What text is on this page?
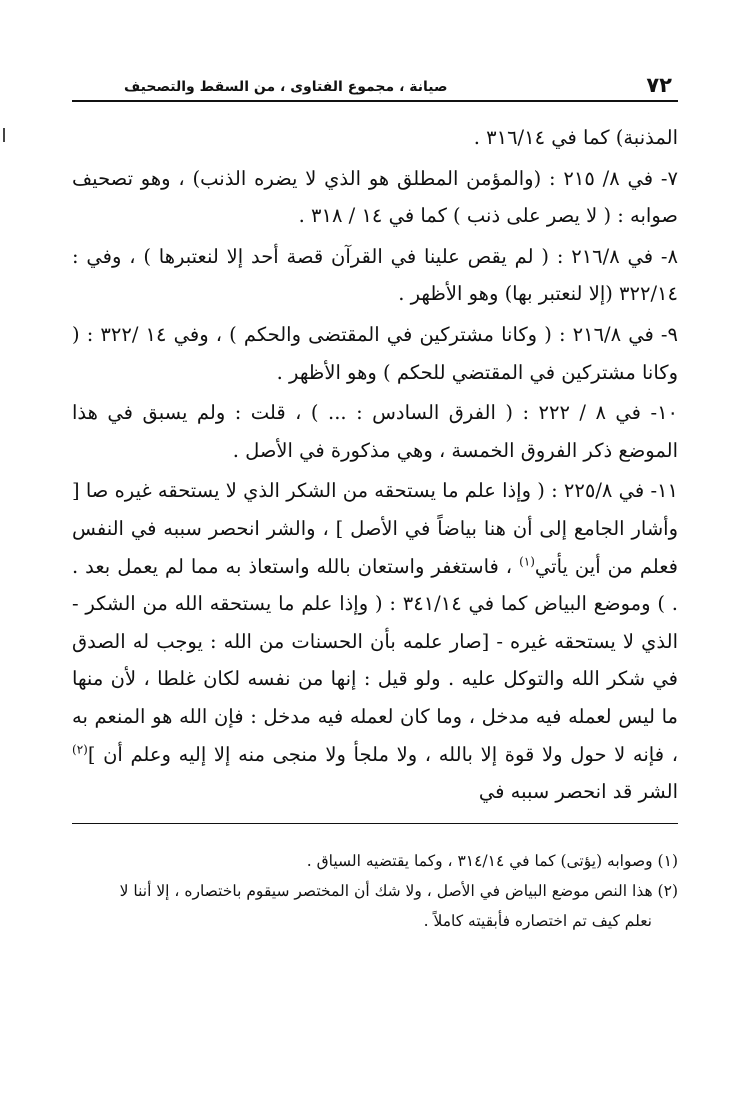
٧٢
صيانة ، مجموع الفتاوى ، من السقط والتصحيف

المذنبة) كما في ٣١٦/١٤ .

٧- في ٨/ ٢١٥ : (والمؤمن المطلق هو الذي لا يضره الذنب) ، وهو تصحيف صوابه : ( لا يصر على ذنب ) كما في ١٤ / ٣١٨ .

٨- في ٢١٦/٨ : ( لم يقص علينا في القرآن قصة أحد إلا لنعتبرها ) ، وفي : ٣٢٢/١٤ (إلا لنعتبر بها) وهو الأظهر .

٩- في ٢١٦/٨ : ( وكانا مشتركين في المقتضى والحكم ) ، وفي ١٤ /٣٢٢ : ( وكانا مشتركين في المقتضي للحكم ) وهو الأظهر .

١٠- في ٨ / ٢٢٢ : ( الفرق السادس : ... ) ، قلت : ولم يسبق في هذا الموضع ذكر الفروق الخمسة ، وهي مذكورة في الأصل .

١١- في ٢٢٥/٨ : ( وإذا علم ما يستحقه من الشكر الذي لا يستحقه غيره صا [ وأشار الجامع إلى أن هنا بياضاً في الأصل ] ، والشر انحصر سببه في النفس فعلم من أين يأتي$^{(١)}$ ، فاستغفر واستعان بالله واستعاذ به مما لم يعمل بعد . . ) وموضع البياض كما في ٣٤١/١٤ : ( وإذا علم ما يستحقه الله من الشكر - الذي لا يستحقه غيره - [صار علمه بأن الحسنات من الله : يوجب له الصدق في شكر الله والتوكل عليه . ولو قيل : إنها من نفسه لكان غلطا ، لأن منها ما ليس لعمله فيه مدخل ، وما كان لعمله فيه مدخل : فإن الله هو المنعم به ، فإنه لا حول ولا قوة إلا بالله ، ولا ملجأ ولا منجى منه إلا إليه وعلم أن ]$^{(٢)}$ الشر قد انحصر سببه في

(١) وصوابه (يؤتى) كما في ٣١٤/١٤ ، وكما يقتضيه السياق .

(٢) هذا النص موضع البياض في الأصل ، ولا شك أن المختصر سيقوم باختصاره ، إلا أننا لا

نعلم كيف تم اختصاره فأبقيته كاملاً .
